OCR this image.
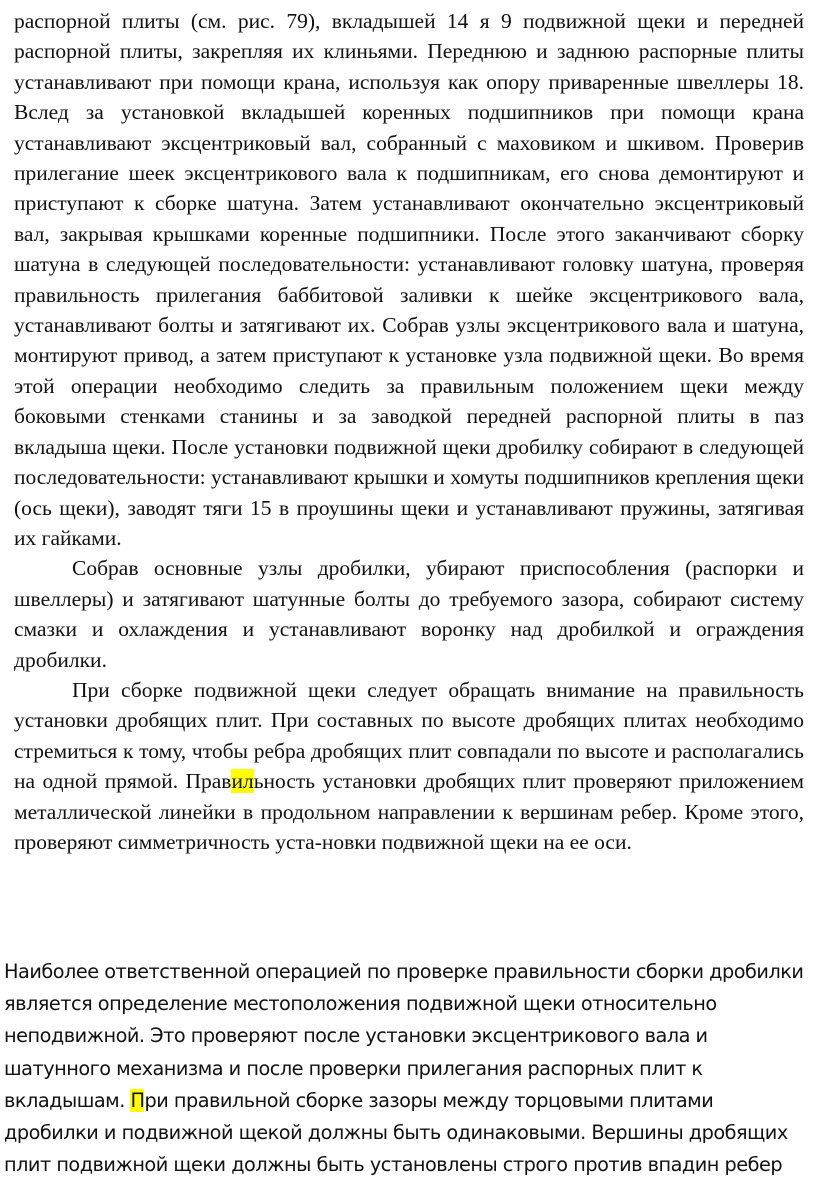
распорной плиты (см. рис. 79), вкладышей 14 я 9 подвижной щеки и передней распорной плиты, закрепляя их клиньями. Переднюю и заднюю распорные плиты устанавливают при помощи крана, используя как опору приваренные швеллеры 18. Вслед за установкой вкладышей коренных подшипников при помощи крана устанавливают эксцентриковый вал, собранный с маховиком и шкивом. Проверив прилегание шеек эксцентрикового вала к подшипникам, его снова демонтируют и приступают к сборке шатуна. Затем устанавливают окончательно эксцентриковый вал, закрывая крышками коренные подшипники. После этого заканчивают сборку шатуна в следующей последовательности: устанавливают головку шатуна, проверяя правильность прилегания баббитовой заливки к шейке эксцентрикового вала, устанавливают болты и затягивают их. Собрав узлы эксцентрикового вала и шатуна, монтируют привод, а затем приступают к установке узла подвижной щеки. Во время этой операции необходимо следить за правильным положением щеки между боковыми стенками станины и за заводкой передней распорной плиты в паз вкладыша щеки. После установки подвижной щеки дробилку собирают в следующей последовательности: устанавливают крышки и хомуты подшипников крепления щеки (ось щеки), заводят тяги 15 в проушины щеки и устанавливают пружины, затягивая их гайками.

Собрав основные узлы дробилки, убирают приспособления (распорки и швеллеры) и затягивают шатунные болты до требуемого зазора, собирают систему смазки и охлаждения и устанавливают воронку над дробилкой и ограждения дробилки.

При сборке подвижной щеки следует обращать внимание на правильность установки дробящих плит. При составных по высоте дробящих плитах необходимо стремиться к тому, чтобы ребра дробящих плит совпадали по высоте и располагались на одной прямой. Правильность установки дробящих плит проверяют приложением металлической линейки в продольном направлении к вершинам ребер. Кроме этого, проверяют симметричность уста-новки подвижной щеки на ее оси.

Наиболее ответственной операцией по проверке правильности сборки дробилки
является определение местоположения подвижной щеки относительно
неподвижной. Это проверяют после установки эксцентрикового вала и
шатунного механизма и после проверки прилегания распорных плит к
вкладышам. При правильной сборке зазоры между торцовыми плитами
дробилки и подвижной щекой должны быть одинаковыми. Вершины дробящих
плит подвижной щеки должны быть установлены строго против впадин ребер
